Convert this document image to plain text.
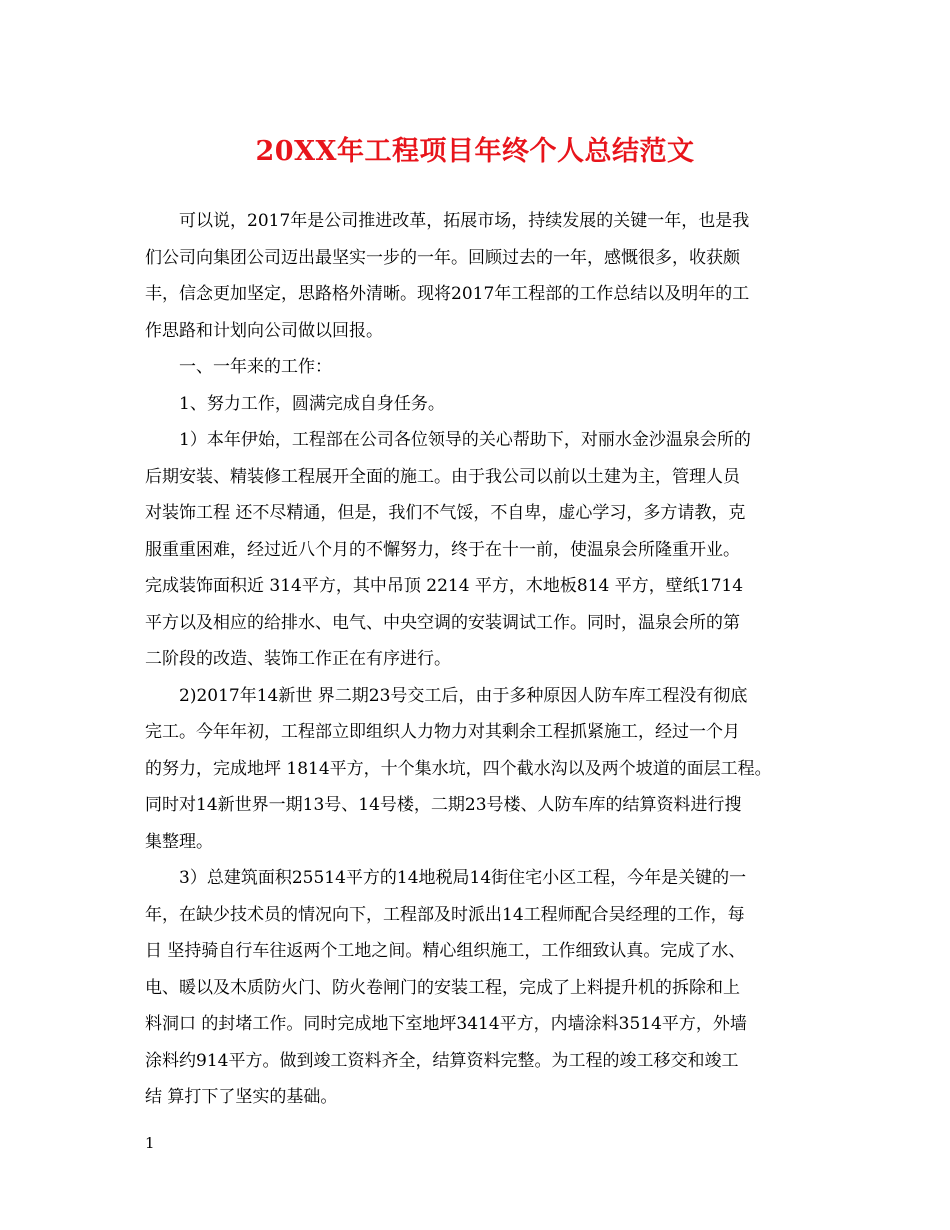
20XX年工程项目年终个人总结范文
可以说，2017年是公司推进改革，拓展市场，持续发展的关键一年，也是我
们公司向集团公司迈出最坚实一步的一年。回顾过去的一年，感慨很多，收获颇
丰，信念更加坚定，思路格外清晰。现将2017年工程部的工作总结以及明年的工
作思路和计划向公司做以回报。
一、一年来的工作：
1、努力工作，圆满完成自身任务。
1）本年伊始，工程部在公司各位领导的关心帮助下，对丽水金沙温泉会所的
后期安装、精装修工程展开全面的施工。由于我公司以前以土建为主，管理人员
对装饰工程 还不尽精通，但是，我们不气馁，不自卑，虚心学习，多方请教，克
服重重困难，经过近八个月的不懈努力，终于在十一前，使温泉会所隆重开业。
完成装饰面积近 314平方，其中吊顶 2214 平方，木地板814 平方，壁纸1714
平方以及相应的给排水、电气、中央空调的安装调试工作。同时，温泉会所的第
二阶段的改造、装饰工作正在有序进行。
2)2017年14新世 界二期23号交工后，由于多种原因人防车库工程没有彻底
完工。今年年初，工程部立即组织人力物力对其剩余工程抓紧施工，经过一个月
的努力，完成地坪 1814平方，十个集水坑，四个截水沟以及两个坡道的面层工程。
同时对14新世界一期13号、14号楼，二期23号楼、人防车库的结算资料进行搜
集整理。
3）总建筑面积25514平方的14地税局14街住宅小区工程，今年是关键的一
年，在缺少技术员的情况向下，工程部及时派出14工程师配合吴经理的工作，每
日 坚持骑自行车往返两个工地之间。精心组织施工，工作细致认真。完成了水、
电、暖以及木质防火门、防火卷闸门的安装工程，完成了上料提升机的拆除和上
料洞口 的封堵工作。同时完成地下室地坪3414平方，内墙涂料3514平方，外墙
涂料约914平方。做到竣工资料齐全，结算资料完整。为工程的竣工移交和竣工
结 算打下了坚实的基础。
1
